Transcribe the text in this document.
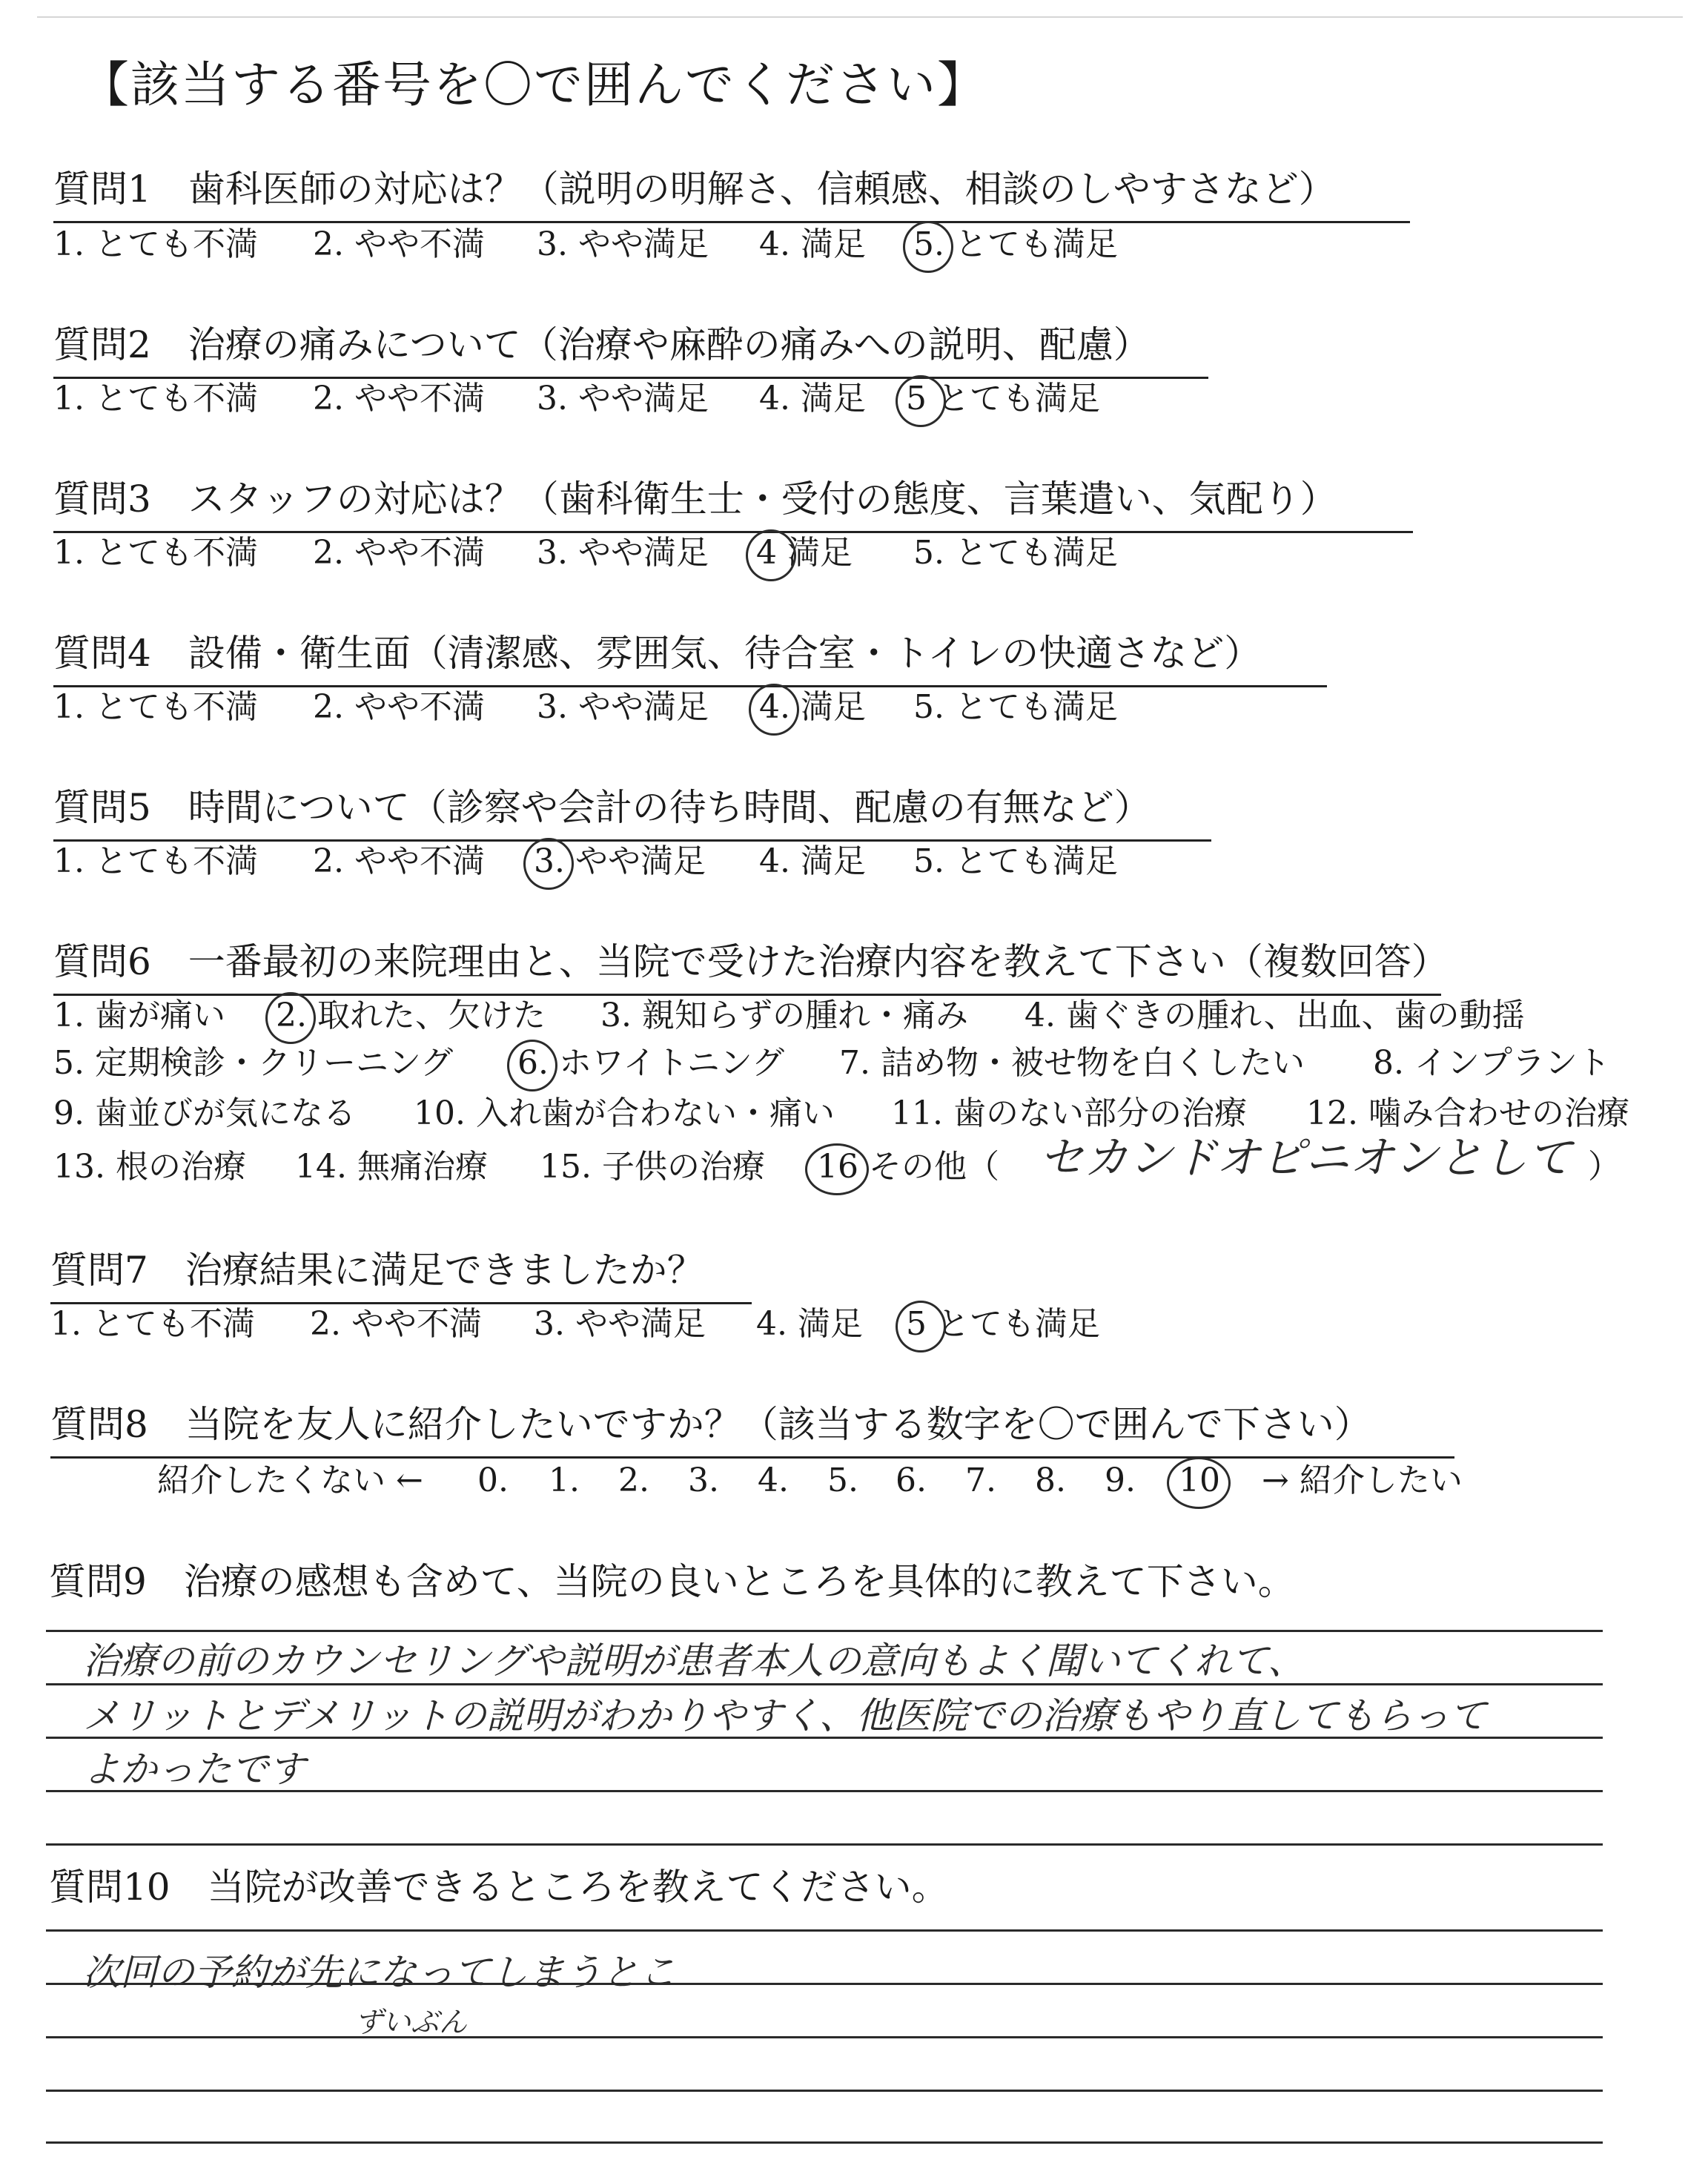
【該当する番号を〇で囲んでください】
質問1　歯科医師の対応は？（説明の明解さ、信頼感、相談のしやすさなど）
1. とても不満 2. やや不満 3. やや満足 4. 満足 5. とても満足
質問2　治療の痛みについて（治療や麻酔の痛みへの説明、配慮）
1. とても不満 2. やや不満 3. やや満足 4. 満足 5 とても満足
質問3　スタッフの対応は？（歯科衛生士・受付の態度、言葉遣い、気配り）
1. とても不満 2. やや不満 3. やや満足 4 満足 5. とても満足
質問4　設備・衛生面（清潔感、雰囲気、待合室・トイレの快適さなど）
1. とても不満 2. やや不満 3. やや満足 4. 満足 5. とても満足
質問5　時間について（診察や会計の待ち時間、配慮の有無など）
1. とても不満 2. やや不満 3. やや満足 4. 満足 5. とても満足
質問6　一番最初の来院理由と、当院で受けた治療内容を教えて下さい（複数回答）
1. 歯が痛い 2. 取れた、欠けた 3. 親知らずの腫れ・痛み 4. 歯ぐきの腫れ、出血、歯の動揺
5. 定期検診・クリーニング 6. ホワイトニング 7. 詰め物・被せ物を白くしたい 8. インプラント
9. 歯並びが気になる 10. 入れ歯が合わない・痛い 11. 歯のない部分の治療 12. 噛み合わせの治療
13. 根の治療 14. 無痛治療 15. 子供の治療 16 その他（ セカンドオピニオンとして ）
質問7　治療結果に満足できましたか？
1. とても不満 2. やや不満 3. やや満足 4. 満足 5 とても満足
質問8　当院を友人に紹介したいですか？（該当する数字を〇で囲んで下さい）
紹介したくない ← 0. 1. 2. 3. 4. 5. 6. 7. 8. 9. 10 → 紹介したい
質問9　治療の感想も含めて、当院の良いところを具体的に教えて下さい。
治療の前のカウンセリングや説明が患者本人の意向もよく聞いてくれて、
メリットとデメリットの説明がわかりやすく、他医院での治療もやり直してもらって
よかったです
質問10　当院が改善できるところを教えてください。
次回の予約が先になってしまうとこ
ずいぶん
